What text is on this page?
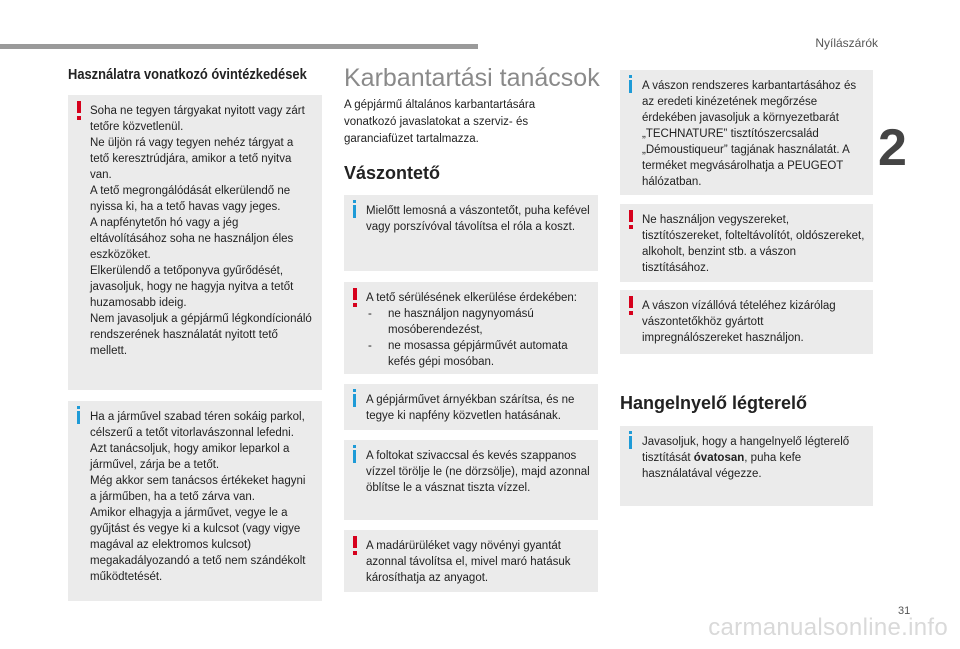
Nyílászárók
2
Használatra vonatkozó óvintézkedések
Soha ne tegyen tárgyakat nyitott vagy zárt tetőre közvetlenül.
Ne üljön rá vagy tegyen nehéz tárgyat a tető keresztrúdjára, amikor a tető nyitva van.
A tető megrongálódását elkerülendő ne nyissa ki, ha a tető havas vagy jeges.
A napfénytetőn hó vagy a jég eltávolításához soha ne használjon éles eszközöket.
Elkerülendő a tetőponyva gyűrődését, javasoljuk, hogy ne hagyja nyitva a tetőt huzamosabb ideig.
Nem javasoljuk a gépjármű légkondícionáló rendszerének használatát nyitott tető mellett.
Ha a járművel szabad téren sokáig parkol, célszerű a tetőt vitorlavászonnal lefedni.
Azt tanácsoljuk, hogy amikor leparkol a járművel, zárja be a tetőt.
Még akkor sem tanácsos értékeket hagyni a járműben, ha a tető zárva van.
Amikor elhagyja a járművet, vegye le a gyűjtást és vegye ki a kulcsot (vagy vigye magával az elektromos kulcsot) megakadályozandó a tető nem szándékolt működtetését.
Karbantartási tanácsok
A gépjármű általános karbantartására vonatkozó javaslatokat a szerviz- és garanciafüzet tartalmazza.
Vászontető
Mielőtt lemosná a vászontetőt, puha kefével vagy porszívóval távolítsa el róla a koszt.
A tető sérülésének elkerülése érdekében:
- ne használjon nagynyomású mosóberendezést,
- ne mosassa gépjárművét automata kefés gépi mosóban.
A gépjárművet árnyékban szárítsa, és ne tegye ki napfény közvetlen hatásának.
A foltokat szivaccsal és kevés szappanos vízzel törölje le (ne dörzsölje), majd azonnal öblítse le a vásznat tiszta vízzel.
A madárürüléket vagy növényi gyantát azonnal távolítsa el, mivel maró hatásuk károsíthatja az anyagot.
A vászon rendszeres karbantartásához és az eredeti kinézetének megőrzése érdekében javasoljuk a környezetbarát „TECHNATURE” tisztítószercsalád „Démoustiqueur” tagjának használatát. A terméket megvásárolhatja a PEUGEOT hálózatban.
Ne használjon vegyszereket, tisztítószereket, folteltávolítót, oldószereket, alkoholt, benzint stb. a vászon tisztításához.
A vászon vízállóvá tételéhez kizárólag vászontetőkhöz gyártott impregnálószereket használjon.
Hangelnyelő légterelő
Javasoljuk, hogy a hangelnyelő légterelő tisztítását óvatosan, puha kefe használatával végezze.
31
carmanualsonline.info
